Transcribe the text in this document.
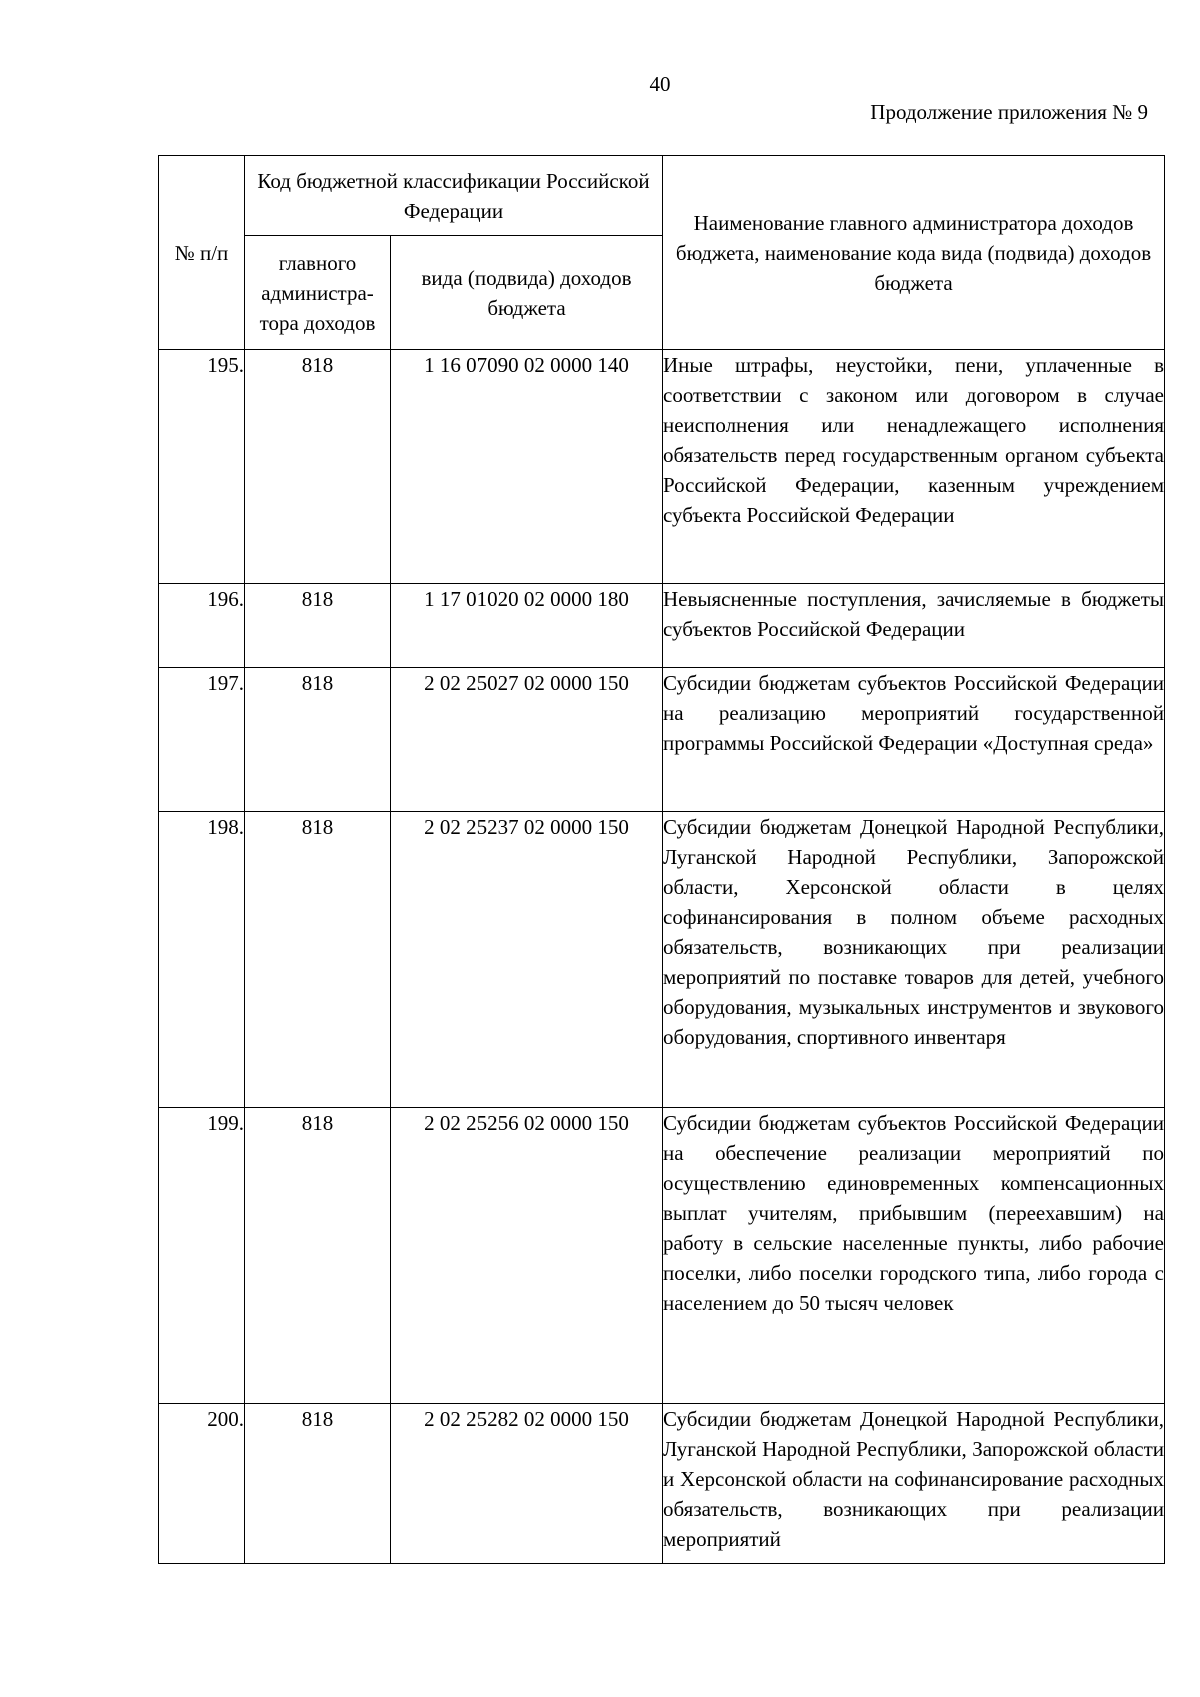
40
Продолжение приложения № 9
№ п/п	Код бюджетной классификации Российской Федерации		Наименование главного администратора доходов бюджета, наименование кода вида (подвида) доходов бюджета
	главного администра-тора доходов	вида (подвида) доходов бюджета	
195.	818	1 16 07090 02 0000 140	Иные штрафы, неустойки, пени, уплаченные в соответствии с законом или договором в случае неисполнения или ненадлежащего исполнения обязательств перед государственным органом субъекта Российской Федерации, казенным учреждением субъекта Российской Федерации
196.	818	1 17 01020 02 0000 180	Невыясненные поступления, зачисляемые в бюджеты субъектов Российской Федерации
197.	818	2 02 25027 02 0000 150	Субсидии бюджетам субъектов Российской Федерации на реализацию мероприятий государственной программы Российской Федерации «Доступная среда»
198.	818	2 02 25237 02 0000 150	Субсидии бюджетам Донецкой Народной Республики, Луганской Народной Республики, Запорожской области, Херсонской области в целях софинансирования в полном объеме расходных обязательств, возникающих при реализации мероприятий по поставке товаров для детей, учебного оборудования, музыкальных инструментов и звукового оборудования, спортивного инвентаря
199.	818	2 02 25256 02 0000 150	Субсидии бюджетам субъектов Российской Федерации на обеспечение реализации мероприятий по осуществлению единовременных компенсационных выплат учителям, прибывшим (переехавшим) на работу в сельские населенные пункты, либо рабочие поселки, либо поселки городского типа, либо города с населением до 50 тысяч человек
200.	818	2 02 25282 02 0000 150	Субсидии бюджетам Донецкой Народной Республики, Луганской Народной Республики, Запорожской области и Херсонской области на софинансирование расходных обязательств, возникающих при реализации мероприятий
